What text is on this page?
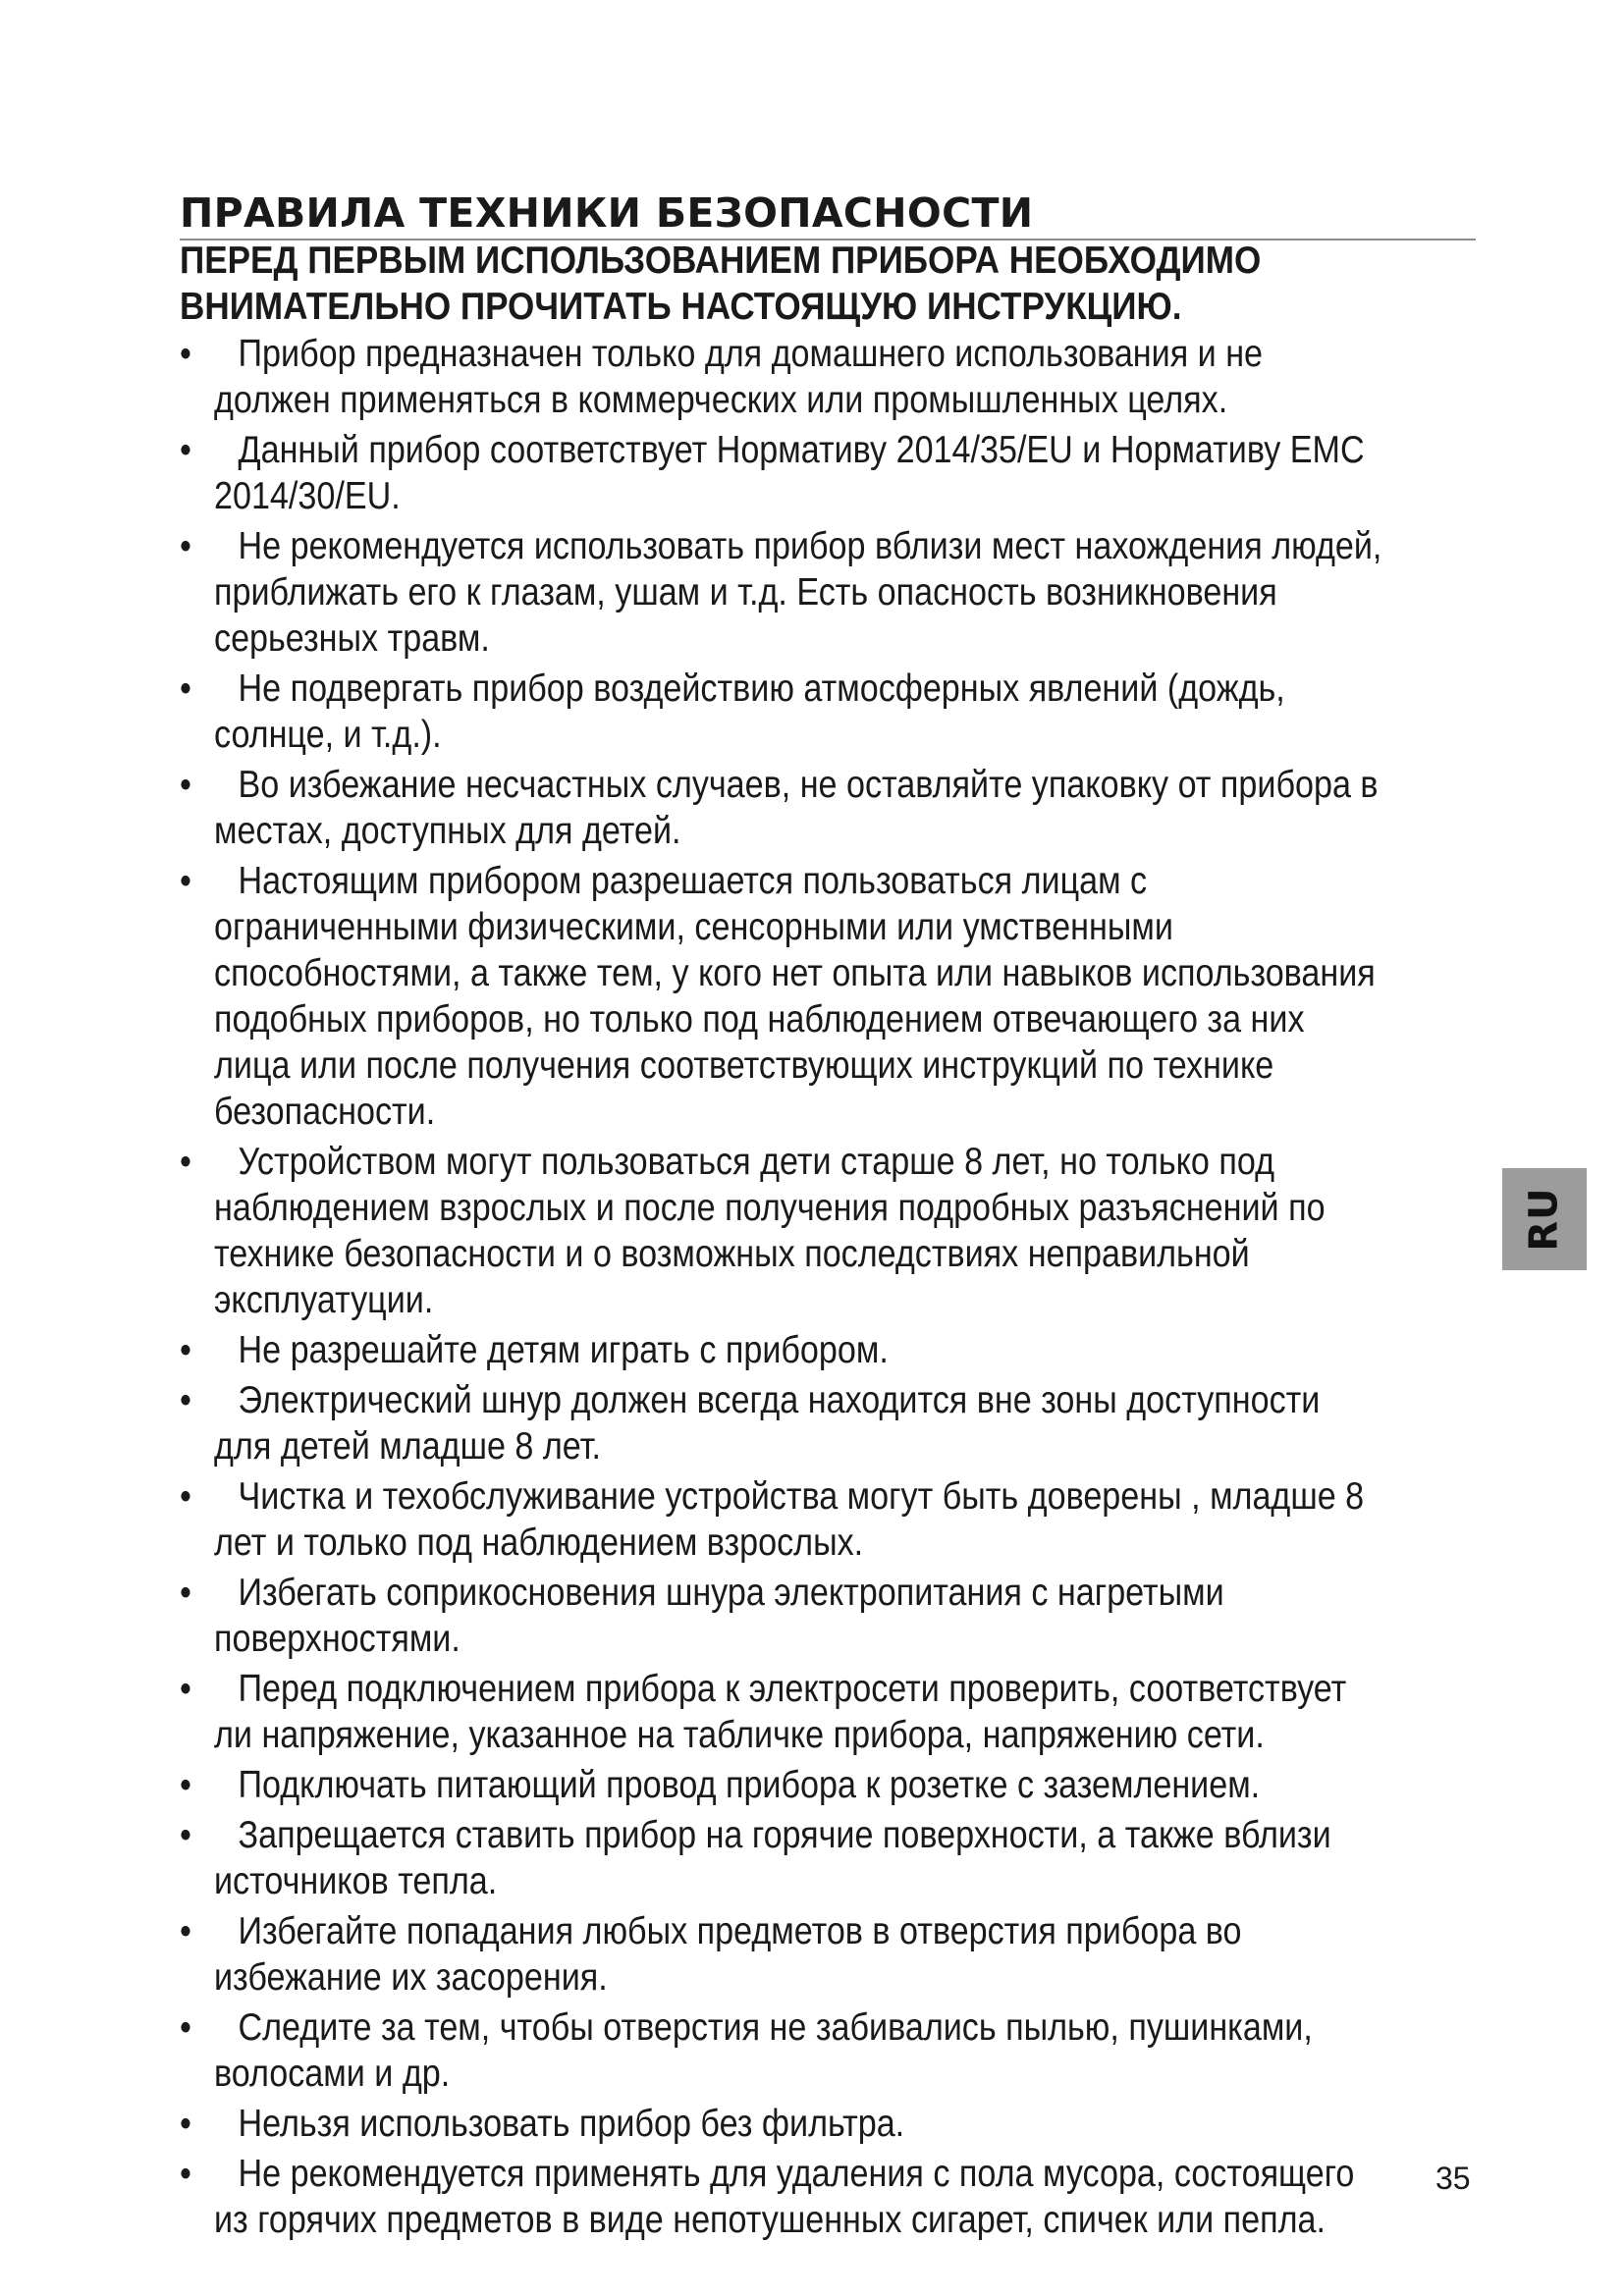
ПРАВИЛА ТЕХНИКИ БЕЗОПАСНОСТИ
ПЕРЕД ПЕРВЫМ ИСПОЛЬЗОВАНИЕМ ПРИБОРА НЕОБХОДИМО ВНИМАТЕЛЬНО ПРОЧИТАТЬ НАСТОЯЩУЮ ИНСТРУКЦИЮ.
•	Прибор предназначен только для домашнего использования и не должен применяться в коммерческих или промышленных целях.
•	Данный прибор соответствует Нормативу 2014/35/EU и Нормативу EMC 2014/30/EU.
•	Не рекомендуется использовать прибор вблизи мест нахождения людей, приближать его к глазам, ушам и т.д. Есть опасность возникновения серьезных травм.
•	Не подвергать прибор воздействию атмосферных явлений (дождь, солнце, и т.д.).
•	Во избежание несчастных случаев, не оставляйте упаковку от прибора в местах, доступных для детей.
•	Настоящим прибором разрешается пользоваться лицам с ограниченными физическими, сенсорными или умственными способностями, а также тем, у кого нет опыта или навыков использования подобных приборов, но только под наблюдением отвечающего за них лица или после получения соответствующих инструкций по технике безопасности.
•	Устройством могут пользоваться дети старше 8 лет, но только под наблюдением взрослых и после получения подробных разъяснений по технике безопасности и о возможных последствиях неправильной эксплуатуции.
•	Не разрешайте детям играть с прибором.
•	Электрический шнур должен всегда находится вне зоны доступности для детей младше 8 лет.
•	Чистка и техобслуживание устройства могут быть доверены , младше 8 лет и только под наблюдением взрослых.
•	Избегать соприкосновения шнура электропитания с нагретыми поверхностями.
•	Перед подключением прибора к электросети проверить, соответствует ли напряжение, указанное на табличке прибора, напряжению сети.
•	Подключать питающий провод прибора к розетке с заземлением.
•	Запрещается ставить прибор на горячие поверхности, а также вблизи источников тепла.
•	Избегайте попадания любых предметов в отверстия прибора во избежание их засорения.
•	Следите за тем, чтобы отверстия не забивались пылью, пушинками, волосами и др.
•	Нельзя использовать прибор без фильтра.
•	Не рекомендуется применять для удаления с пола мусора, состоящего из горячих предметов в виде непотушенных сигарет, спичек или пепла.
RU
35
